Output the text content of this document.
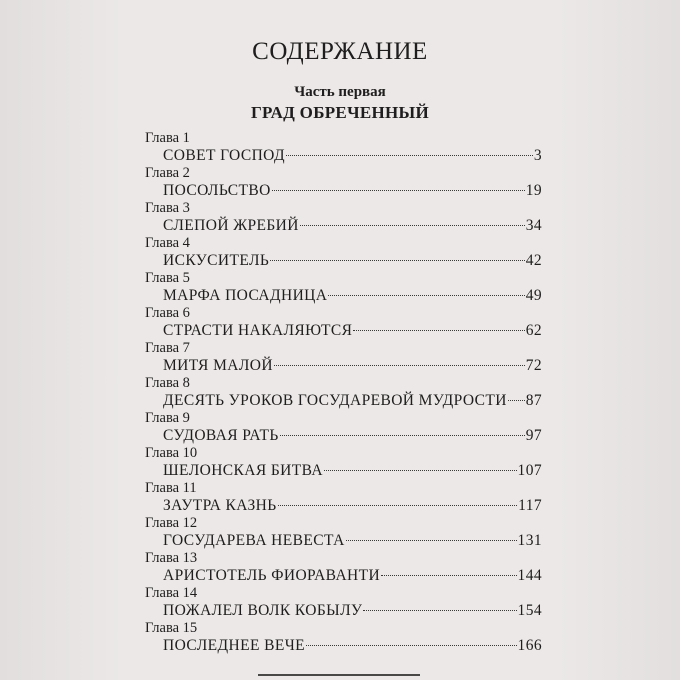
СОДЕРЖАНИЕ
Часть первая
ГРАД ОБРЕЧЕННЫЙ
Глава 1
СОВЕТ ГОСПОД	3
Глава 2
ПОСОЛЬСТВО	19
Глава 3
СЛЕПОЙ ЖРЕБИЙ	34
Глава 4
ИСКУСИТЕЛЬ	42
Глава 5
МАРФА ПОСАДНИЦА	49
Глава 6
СТРАСТИ НАКАЛЯЮТСЯ	62
Глава 7
МИТЯ МАЛОЙ	72
Глава 8
ДЕСЯТЬ УРОКОВ ГОСУДАРЕВОЙ МУДРОСТИ 87
Глава 9
СУДОВАЯ РАТЬ	97
Глава 10
ШЕЛОНСКАЯ БИТВА	107
Глава 11
ЗАУТРА КАЗНЬ	117
Глава 12
ГОСУДАРЕВА НЕВЕСТА	131
Глава 13
АРИСТОТЕЛЬ ФИОРАВАНТИ	144
Глава 14
ПОЖАЛЕЛ ВОЛК КОБЫЛУ	154
Глава 15
ПОСЛЕДНЕЕ ВЕЧЕ	166
